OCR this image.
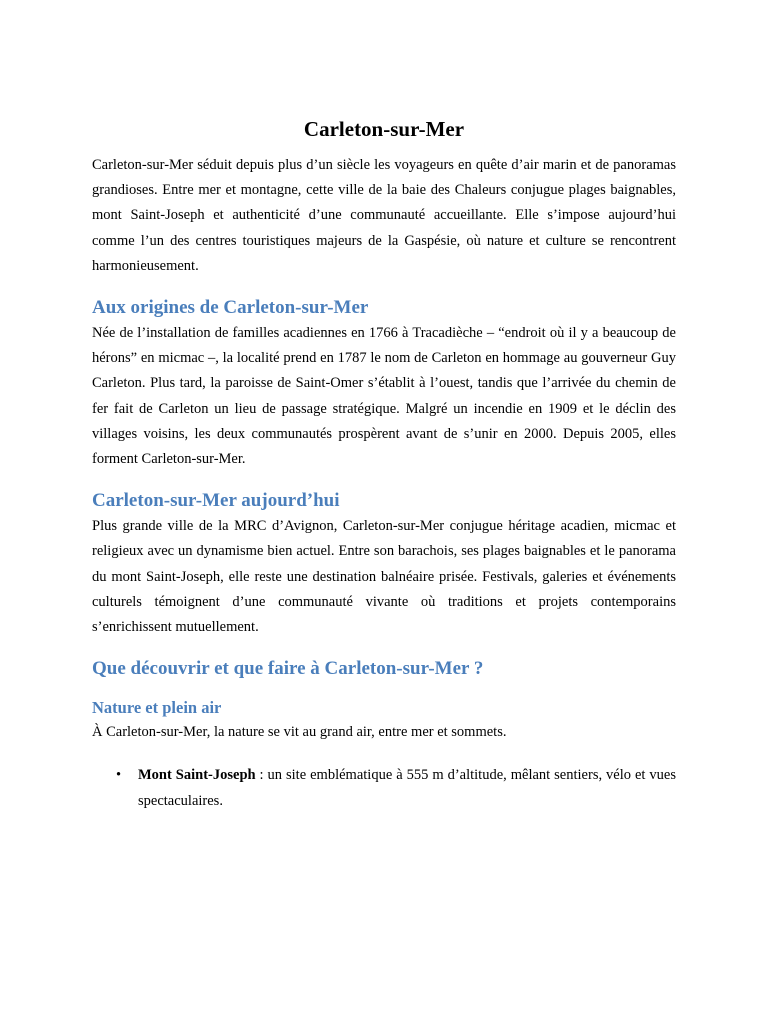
Carleton-sur-Mer

Carleton-sur-Mer séduit depuis plus d’un siècle les voyageurs en quête d’air marin et de panoramas grandioses. Entre mer et montagne, cette ville de la baie des Chaleurs conjugue plages baignables, mont Saint-Joseph et authenticité d’une communauté accueillante. Elle s’impose aujourd’hui comme l’un des centres touristiques majeurs de la Gaspésie, où nature et culture se rencontrent harmonieusement.

Aux origines de Carleton-sur-Mer

Née de l’installation de familles acadiennes en 1766 à Tracadièche – “endroit où il y a beaucoup de hérons” en micmac –, la localité prend en 1787 le nom de Carleton en hommage au gouverneur Guy Carleton. Plus tard, la paroisse de Saint-Omer s’établit à l’ouest, tandis que l’arrivée du chemin de fer fait de Carleton un lieu de passage stratégique. Malgré un incendie en 1909 et le déclin des villages voisins, les deux communautés prospèrent avant de s’unir en 2000. Depuis 2005, elles forment Carleton-sur-Mer.

Carleton-sur-Mer aujourd’hui

Plus grande ville de la MRC d’Avignon, Carleton-sur-Mer conjugue héritage acadien, micmac et religieux avec un dynamisme bien actuel. Entre son barachois, ses plages baignables et le panorama du mont Saint-Joseph, elle reste une destination balnéaire prisée. Festivals, galeries et événements culturels témoignent d’une communauté vivante où traditions et projets contemporains s’enrichissent mutuellement.

Que découvrir et que faire à Carleton-sur-Mer ?
Nature et plein air

À Carleton-sur-Mer, la nature se vit au grand air, entre mer et sommets.

• Mont Saint-Joseph : un site emblématique à 555 m d’altitude, mêlant sentiers, vélo et vues spectaculaires.
